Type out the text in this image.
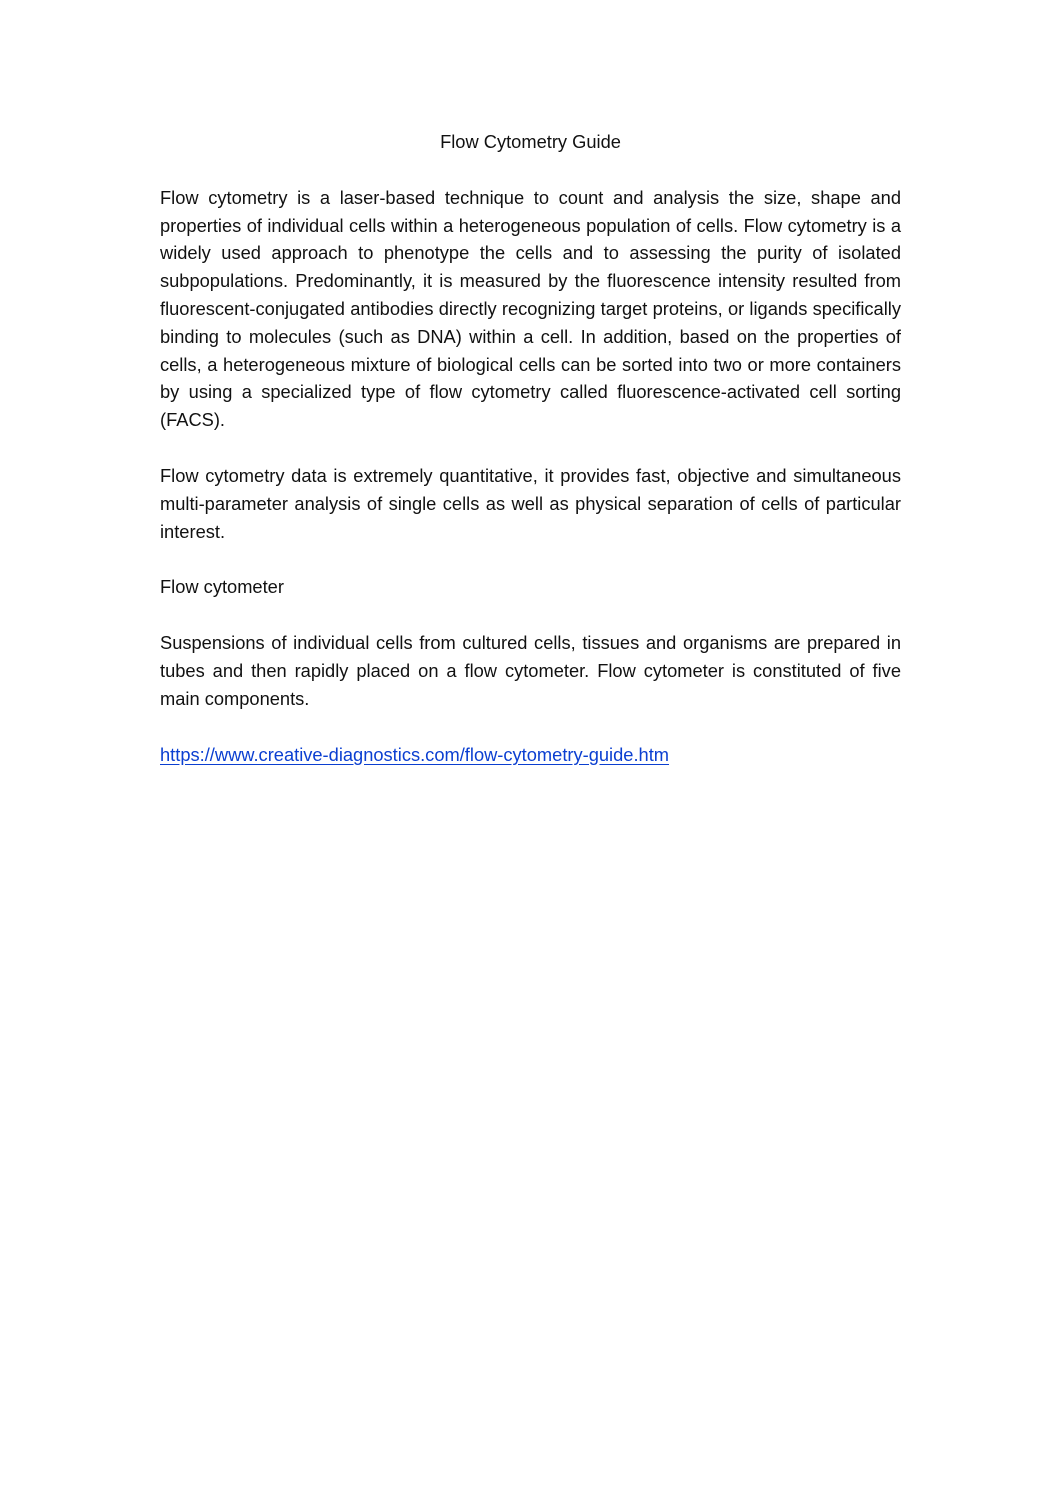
Flow Cytometry Guide

Flow cytometry is a laser-based technique to count and analysis the size, shape and properties of individual cells within a heterogeneous population of cells. Flow cytometry is a widely used approach to phenotype the cells and to assessing the purity of isolated subpopulations. Predominantly, it is measured by the fluorescence intensity resulted from fluorescent-conjugated antibodies directly recognizing target proteins, or ligands specifically binding to molecules (such as DNA) within a cell. In addition, based on the properties of cells, a heterogeneous mixture of biological cells can be sorted into two or more containers by using a specialized type of flow cytometry called fluorescence-activated cell sorting (FACS).

Flow cytometry data is extremely quantitative, it provides fast, objective and simultaneous multi-parameter analysis of single cells as well as physical separation of cells of particular interest.

Flow cytometer

Suspensions of individual cells from cultured cells, tissues and organisms are prepared in tubes and then rapidly placed on a flow cytometer. Flow cytometer is constituted of five main components.

https://www.creative-diagnostics.com/flow-cytometry-guide.htm
